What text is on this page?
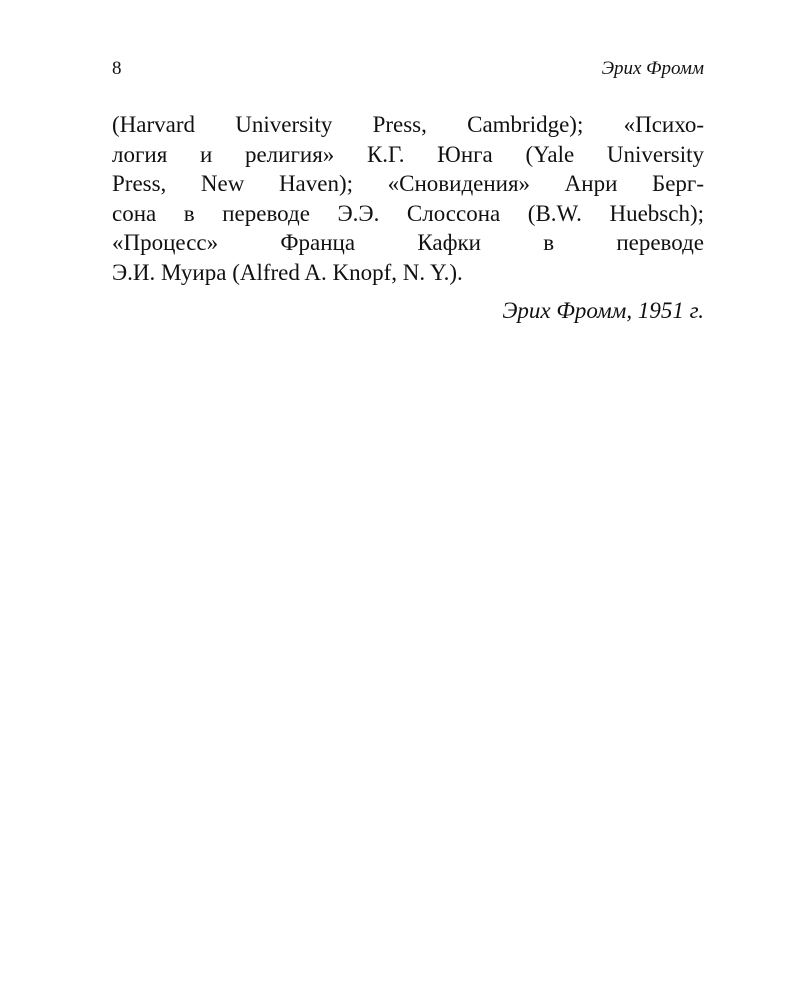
8	Эрих Фромм
(Harvard University Press, Cambridge); «Психо-
логия и религия» К.Г. Юнга (Yale University
Press, New Haven); «Сновидения» Анри Берг-
сона в переводе Э.Э. Слоссона (B.W. Huebsch);
«Процесс» Франца Кафки в переводе
Э.И. Муира (Alfred A. Knopf, N. Y.).
Эрих Фромм, 1951 г.
